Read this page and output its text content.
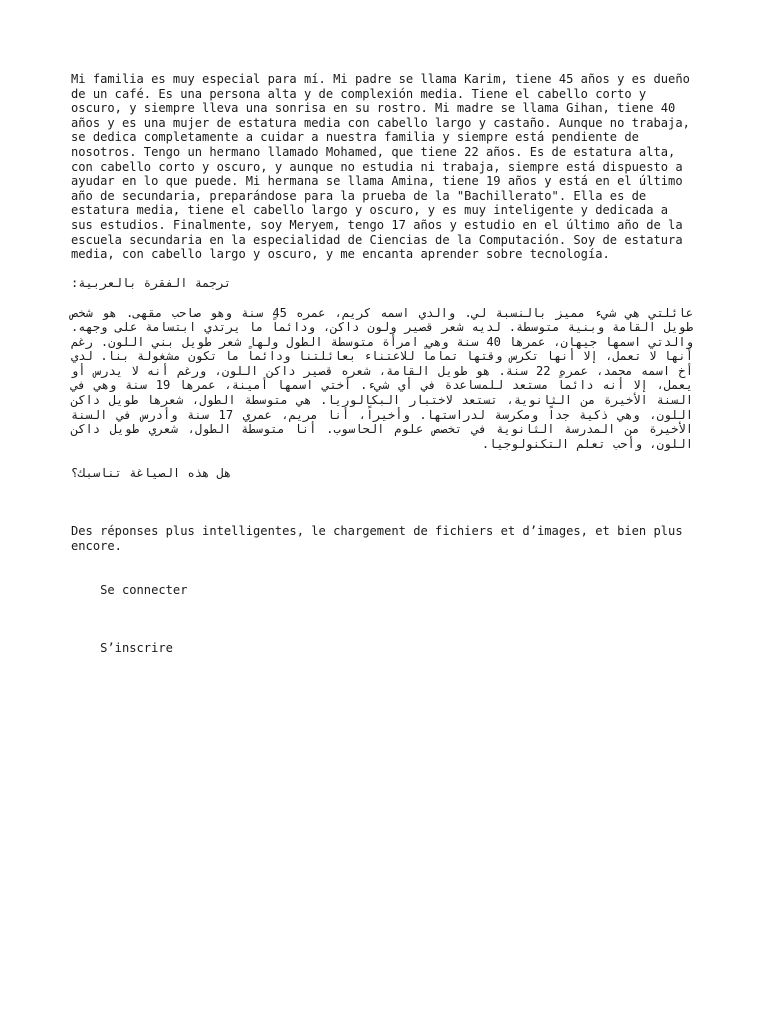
Mi familia es muy especial para mí. Mi padre se llama Karim, tiene 45 años y es dueño de un café. Es una persona alta y de complexión media. Tiene el cabello corto y oscuro, y siempre lleva una sonrisa en su rostro. Mi madre se llama Gihan, tiene 40 años y es una mujer de estatura media con cabello largo y castaño. Aunque no trabaja, se dedica completamente a cuidar a nuestra familia y siempre está pendiente de nosotros. Tengo un hermano llamado Mohamed, que tiene 22 años. Es de estatura alta, con cabello corto y oscuro, y aunque no estudia ni trabaja, siempre está dispuesto a ayudar en lo que puede. Mi hermana se llama Amina, tiene 19 años y está en el último año de secundaria, preparándose para la prueba de la "Bachillerato". Ella es de estatura media, tiene el cabello largo y oscuro, y es muy inteligente y dedicada a sus estudios. Finalmente, soy Meryem, tengo 17 años y estudio en el último año de la escuela secundaria en la especialidad de Ciencias de la Computación. Soy de estatura media, con cabello largo y oscuro, y me encanta aprender sobre tecnología.

ترجمة الفقرة بالعربية:

عائلتي هي شيء مميز بالنسبة لي. والدي اسمه كريم، عمره 45 سنة وهو صاحب مقهى. هو شخص طويل القامة وبنية متوسطة. لديه شعر قصير ولون داكن، ودائماً ما يرتدي ابتسامة على وجهه. والدتي اسمها جيهان، عمرها 40 سنة وهي امرأة متوسطة الطول ولها شعر طويل بني اللون. رغم أنها لا تعمل، إلا أنها تكرس وقتها تماماً للاعتناء بعائلتنا ودائماً ما تكون مشغولة بنا. لدي أخ اسمه محمد، عمره 22 سنة. هو طويل القامة، شعره قصير داكن اللون، ورغم أنه لا يدرس أو يعمل، إلا أنه دائماً مستعد للمساعدة في أي شيء. أختي اسمها أمينة، عمرها 19 سنة وهي في السنة الأخيرة من الثانوية، تستعد لاختبار البكالوريا. هي متوسطة الطول، شعرها طويل داكن اللون، وهي ذكية جداً ومكرسة لدراستها. وأخيراً، أنا مريم، عمري 17 سنة وأدرس في السنة الأخيرة من المدرسة الثانوية في تخصص علوم الحاسوب. أنا متوسطة الطول، شعري طويل داكن اللون، وأحب تعلم التكنولوجيا.

هل هذه الصياغة تناسبك؟

Des réponses plus intelligentes, le chargement de fichiers et d’images, et bien plus encore.

Se connecter

S’inscrire
